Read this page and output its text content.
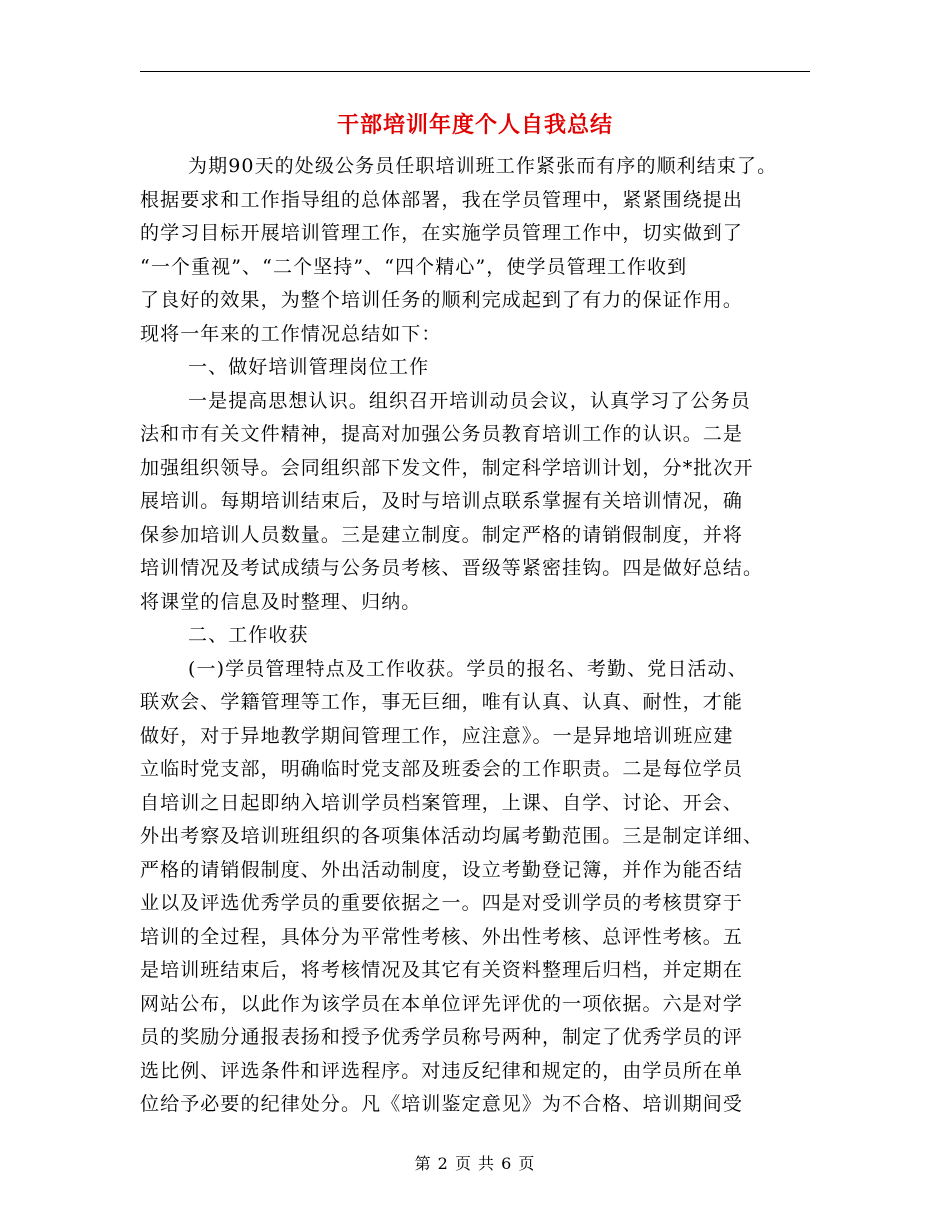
干部培训年度个人自我总结
为期90天的处级公务员任职培训班工作紧张而有序的顺利结束了。
根据要求和工作指导组的总体部署，我在学员管理中，紧紧围绕提出
的学习目标开展培训管理工作，在实施学员管理工作中，切实做到了
“一个重视”、“二个坚持”、“四个精心”，使学员管理工作收到
了良好的效果，为整个培训任务的顺利完成起到了有力的保证作用。
现将一年来的工作情况总结如下：
一、做好培训管理岗位工作
一是提高思想认识。组织召开培训动员会议，认真学习了公务员
法和市有关文件精神，提高对加强公务员教育培训工作的认识。二是
加强组织领导。会同组织部下发文件，制定科学培训计划，分*批次开
展培训。每期培训结束后，及时与培训点联系掌握有关培训情况，确
保参加培训人员数量。三是建立制度。制定严格的请销假制度，并将
培训情况及考试成绩与公务员考核、晋级等紧密挂钩。四是做好总结。
将课堂的信息及时整理、归纳。
二、工作收获
(一)学员管理特点及工作收获。学员的报名、考勤、党日活动、
联欢会、学籍管理等工作，事无巨细，唯有认真、认真、耐性，才能
做好，对于异地教学期间管理工作，应注意》。一是异地培训班应建
立临时党支部，明确临时党支部及班委会的工作职责。二是每位学员
自培训之日起即纳入培训学员档案管理，上课、自学、讨论、开会、
外出考察及培训班组织的各项集体活动均属考勤范围。三是制定详细、
严格的请销假制度、外出活动制度，设立考勤登记簿，并作为能否结
业以及评选优秀学员的重要依据之一。四是对受训学员的考核贯穿于
培训的全过程，具体分为平常性考核、外出性考核、总评性考核。五
是培训班结束后，将考核情况及其它有关资料整理后归档，并定期在
网站公布，以此作为该学员在本单位评先评优的一项依据。六是对学
员的奖励分通报表扬和授予优秀学员称号两种，制定了优秀学员的评
选比例、评选条件和评选程序。对违反纪律和规定的，由学员所在单
位给予必要的纪律处分。凡《培训鉴定意见》为不合格、培训期间受
第 2 页 共 6 页
